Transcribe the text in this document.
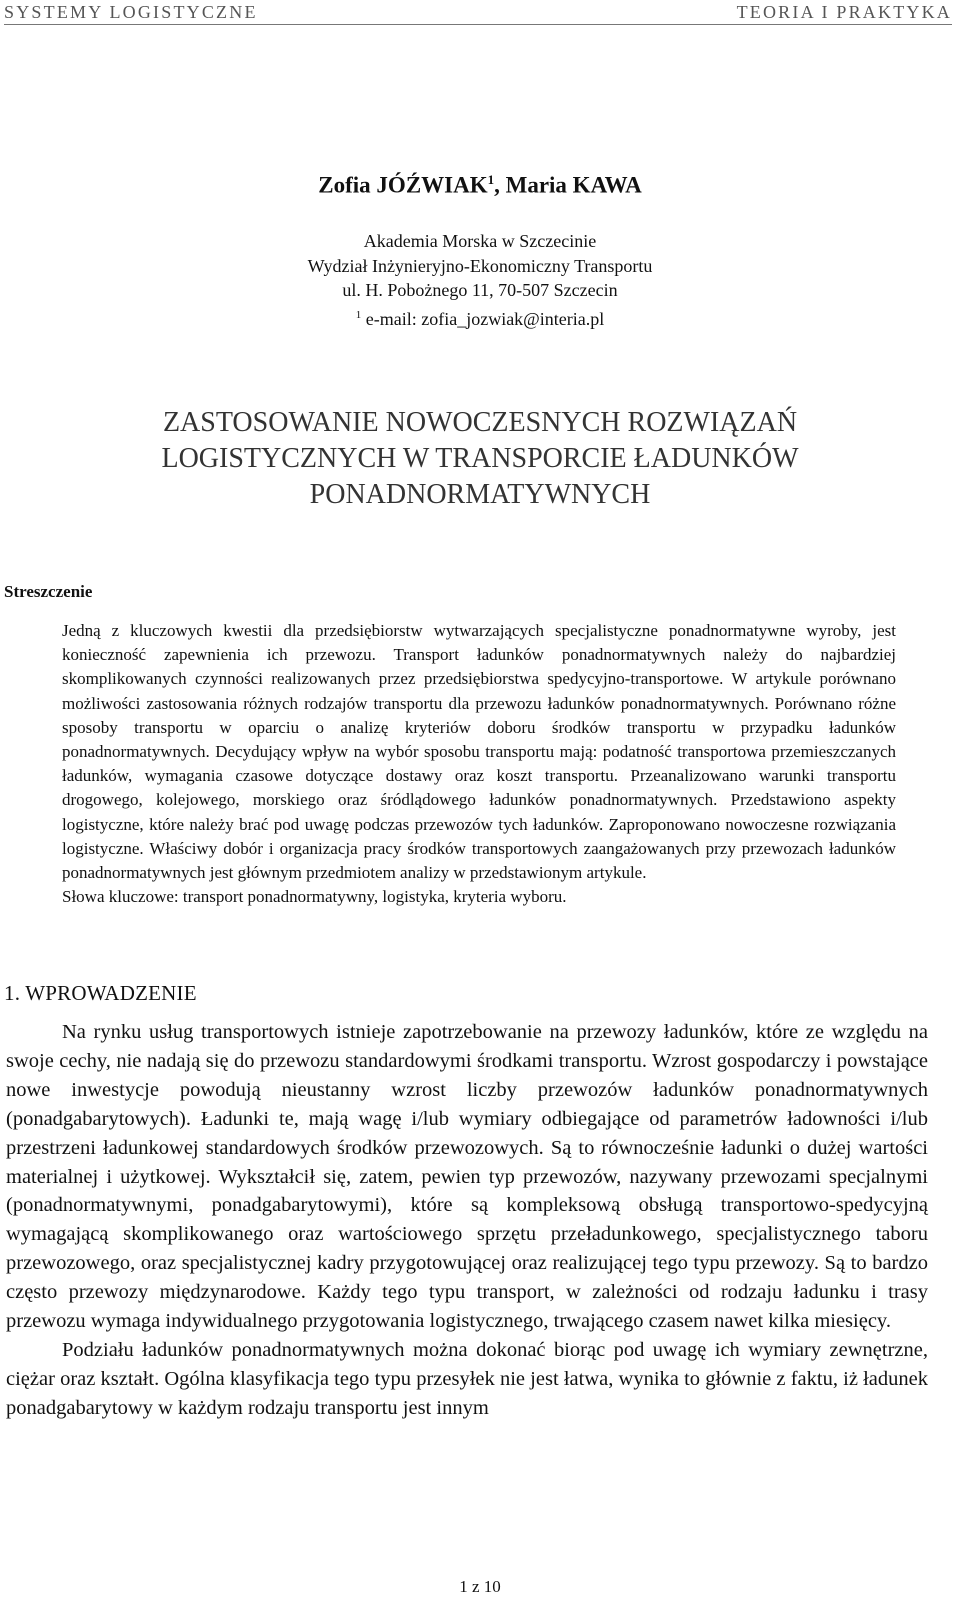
SYSTEMY LOGISTYCZNE	TEORIA I PRAKTYKA
Zofia JÓŹWIAK$^1$, Maria KAWA
Akademia Morska w Szczecinie
Wydział Inżynieryjno-Ekonomiczny Transportu
ul. H. Pobożnego 11, 70-507 Szczecin
$^1$ e-mail: zofia_jozwiak@interia.pl
ZASTOSOWANIE NOWOCZESNYCH ROZWIĄZAŃ
LOGISTYCZNYCH W TRANSPORCIE ŁADUNKÓW
PONADNORMATYWNYCH
Streszczenie

Jedną z kluczowych kwestii dla przedsiębiorstw wytwarzających specjalistyczne ponadnormatywne wyroby, jest konieczność zapewnienia ich przewozu. Transport ładunków ponadnormatywnych należy do najbardziej skomplikowanych czynności realizowanych przez przedsiębiorstwa spedycyjno-transportowe. W artykule porównano możliwości zastosowania różnych rodzajów transportu dla przewozu ładunków ponadnormatywnych. Porównano różne sposoby transportu w oparciu o analizę kryteriów doboru środków transportu w przypadku ładunków ponadnormatywnych. Decydujący wpływ na wybór sposobu transportu mają: podatność transportowa przemieszczanych ładunków, wymagania czasowe dotyczące dostawy oraz koszt transportu. Przeanalizowano warunki transportu drogowego, kolejowego, morskiego oraz śródlądowego ładunków ponadnormatywnych. Przedstawiono aspekty logistyczne, które należy brać pod uwagę podczas przewozów tych ładunków. Zaproponowano nowoczesne rozwiązania logistyczne. Właściwy dobór i organizacja pracy środków transportowych zaangażowanych przy przewozach ładunków ponadnormatywnych jest głównym przedmiotem analizy w przedstawionym artykule.

Słowa kluczowe: transport ponadnormatywny, logistyka, kryteria wyboru.

1. WPROWADZENIE

Na rynku usług transportowych istnieje zapotrzebowanie na przewozy ładunków, które ze względu na swoje cechy, nie nadają się do przewozu standardowymi środkami transportu. Wzrost gospodarczy i powstające nowe inwestycje powodują nieustanny wzrost liczby przewozów ładunków ponadnormatywnych (ponadgabarytowych). Ładunki te, mają wagę i/lub wymiary odbiegające od parametrów ładowności i/lub przestrzeni ładunkowej standardowych środków przewozowych. Są to równocześnie ładunki o dużej wartości materialnej i użytkowej. Wykształcił się, zatem, pewien typ przewozów, nazywany przewozami specjalnymi (ponadnormatywnymi, ponadgabarytowymi), które są kompleksową obsługą transportowo-spedycyjną wymagającą skomplikowanego oraz wartościowego sprzętu przeładunkowego, specjalistycznego taboru przewozowego, oraz specjalistycznej kadry przygotowującej oraz realizującej tego typu przewozy. Są to bardzo często przewozy międzynarodowe. Każdy tego typu transport, w zależności od rodzaju ładunku i trasy przewozu wymaga indywidualnego przygotowania logistycznego, trwającego czasem nawet kilka miesięcy.

Podziału ładunków ponadnormatywnych można dokonać biorąc pod uwagę ich wymiary zewnętrzne, ciężar oraz kształt. Ogólna klasyfikacja tego typu przesyłek nie jest łatwa, wynika to głównie z faktu, iż ładunek ponadgabarytowy w każdym rodzaju transportu jest innym

1 z 10
